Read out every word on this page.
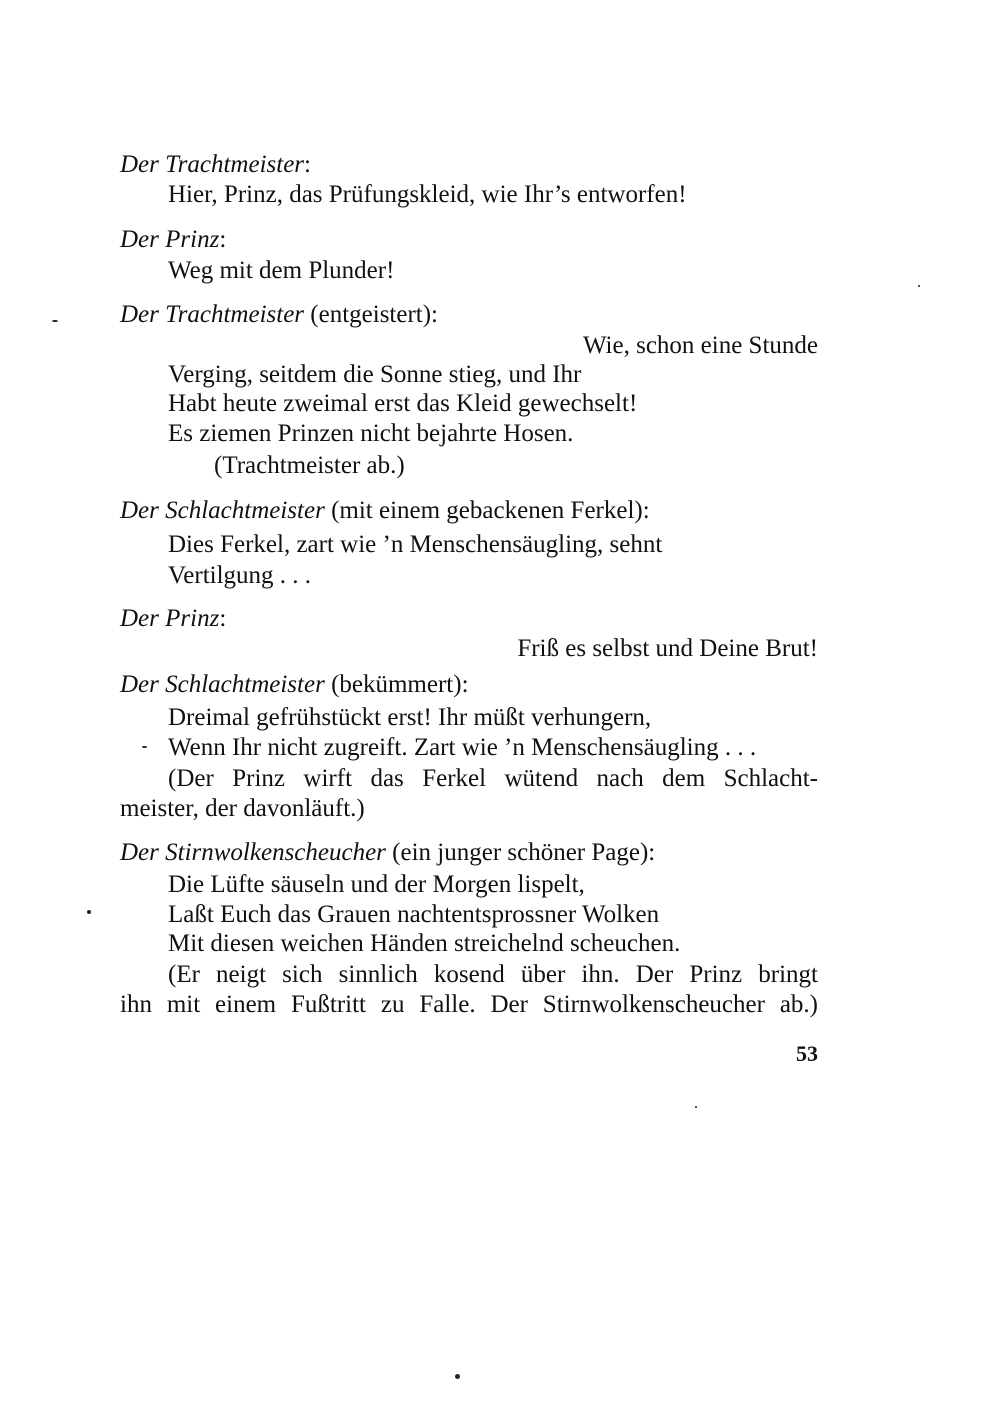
Der Trachtmeister:
Hier, Prinz, das Prüfungskleid, wie Ihr’s entworfen!
Der Prinz:
Weg mit dem Plunder!
Der Trachtmeister (entgeistert):
Wie, schon eine Stunde
Verging, seitdem die Sonne stieg, und Ihr
Habt heute zweimal erst das Kleid gewechselt!
Es ziemen Prinzen nicht bejahrte Hosen.
(Trachtmeister ab.)
Der Schlachtmeister (mit einem gebackenen Ferkel):
Dies Ferkel, zart wie ’n Menschensäugling, sehnt
Vertilgung . . .
Der Prinz:
Friß es selbst und Deine Brut!
Der Schlachtmeister (bekümmert):
Dreimal gefrühstückt erst! Ihr müßt verhungern,
Wenn Ihr nicht zugreift. Zart wie ’n Menschensäugling . . .
(Der Prinz wirft das Ferkel wütend nach dem Schlacht-
meister, der davonläuft.)
Der Stirnwolkenscheucher (ein junger schöner Page):
Die Lüfte säuseln und der Morgen lispelt,
Laßt Euch das Grauen nachtentsprossner Wolken
Mit diesen weichen Händen streichelnd scheuchen.
(Er neigt sich sinnlich kosend über ihn. Der Prinz bringt
ihn mit einem Fußtritt zu Falle. Der Stirnwolkenscheucher ab.)
53
